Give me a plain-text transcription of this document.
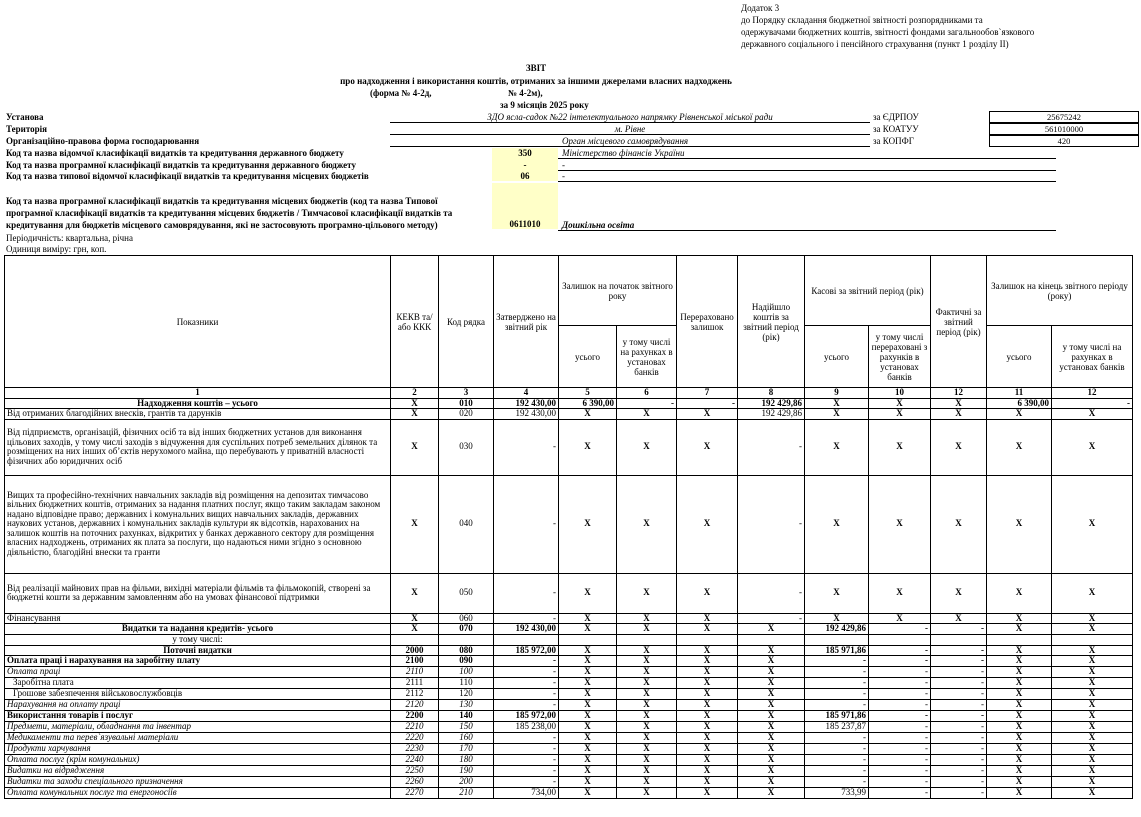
Додаток 3
до Порядку складання бюджетної звітності розпорядниками та
одержувачами бюджетних коштів, звітності фондами загальнообов`язкового
державного соціального і пенсійного страхування (пункт 1 розділу II)
ЗВІТ
про надходження і використання коштів, отриманих за іншими джерелами власних надходжень
(форма № 4-2д,	№ 4-2м),
за 9 місяців 2025 року
Установа	ЗДО ясла-садок №22 інтелектуального напрямку Рівненської міської ради	за ЄДРПОУ	25675242
Територія	м. Рівне	за КОАТУУ	561010000
Організаційно-правова форма господарювання	Орган місцевого самоврядування	за КОПФГ	420
Код та назва відомчої класифікації видатків та кредитування державного бюджету	350	Міністерство фінансів України
Код та назва програмної класифікації видатків та кредитування державного бюджету	-	-
Код та назва типової відомчої класифікації видатків та кредитування місцевих бюджетів	06	-
Код та назва програмної класифікації видатків та кредитування місцевих бюджетів (код та назва Типової
програмної класифікації видатків та кредитування місцевих бюджетів / Тимчасової класифікації видатків та
кредитування для бюджетів місцевого самоврядування, які не застосовують програмно-цільового методу)	0611010	Дошкільна освіта
Періодичність: квартальна, річна
Одиниця виміру: грн, коп.
Показники	КЕКВ та/або ККК	Код рядка	Затверджено на звітний рік	Залишок на початок звітного року		Перераховано залишок	Надійшло коштів за звітний період (рік)	Касові за звітний період (рік)		Фактичні за звітний період (рік)	Залишок на кінець звітного періоду (року)	
				усього	у тому числі на рахунках в установах банків			усього	у тому числі перераховані з рахунків в установах банків		усього	у тому числі на рахунках в установах банків
1	2	3	4	5	6	7	8	9	10	12	11	12
Надходження коштів – усього	X	010	192 430,00	6 390,00	-	-	192 429,86	X	X	X	6 390,00	-
Від отриманих благодійних внесків, грантів та дарунків	X	020	192 430,00	X	X	X	192 429,86	X	X	X	X	X
Від підприємств, організацій, фізичних осіб та від інших бюджетних установ для виконання цільових заходів, у тому числі заходів з відчуження для суспільних потреб земельних ділянок та розміщених на них інших об’єктів нерухомого майна, що перебувають у приватній власності фізичних або юридичних осіб	X	030	-	X	X	X	-	X	X	X	X	X
Вищих та професійно-технічних навчальних закладів від розміщення на депозитах тимчасово вільних бюджетних коштів, отриманих за надання платних послуг, якщо таким закладам законом надано відповідне право; державних і комунальних вищих навчальних закладів, державних наукових установ, державних і комунальних закладів культури як відсотків, нарахованих на залишок коштів на поточних рахунках, відкритих у банках державного сектору для розміщення власних надходжень, отриманих як плата за послуги, що надаються ними згідно з основною діяльністю, благодійні внески та гранти	X	040	-	X	X	X	-	X	X	X	X	X
Від реалізації майнових прав на фільми, вихідні матеріали фільмів та фільмокопій, створені за бюджетні кошти за державним замовленням або на умовах фінансової підтримки	X	050	-	X	X	X	-	X	X	X	X	X
Фінансування	X	060	-	X	X	X	-	X	X	X	X	X
Видатки та надання кредитів- усього	X	070	192 430,00	X	X	X	X	192 429,86	-	-	X	X
у тому числі:												
Поточні видатки	2000	080	185 972,00	X	X	X	X	185 971,86	-	-	X	X
Оплата праці і нарахування на заробітну плату	2100	090	-	X	X	X	X	-	-	-	X	X
Оплата праці	2110	100	-	X	X	X	X	-	-	-	X	X
Заробітна плата	2111	110	-	X	X	X	X	-	-	-	X	X
Грошове забезпечення військовослужбовців	2112	120	-	X	X	X	X	-	-	-	X	X
Нарахування на оплату праці	2120	130	-	X	X	X	X	-	-	-	X	X
Використання товарів і послуг	2200	140	185 972,00	X	X	X	X	185 971,86	-	-	X	X
Предмети, матеріали, обладнання та інвентар	2210	150	185 238,00	X	X	X	X	185 237,87	-	-	X	X
Медикаменти та перев`язувальні матеріали	2220	160	-	X	X	X	X	-	-	-	X	X
Продукти харчування	2230	170	-	X	X	X	X	-	-	-	X	X
Оплата послуг (крім комунальних)	2240	180	-	X	X	X	X	-	-	-	X	X
Видатки на відрядження	2250	190	-	X	X	X	X	-	-	-	X	X
Видатки та заходи спеціального призначення	2260	200	-	X	X	X	X	-	-	-	X	X
Оплата комунальних послуг та енергоносіїв	2270	210	734,00	X	X	X	X	733,99	-	-	X	X
